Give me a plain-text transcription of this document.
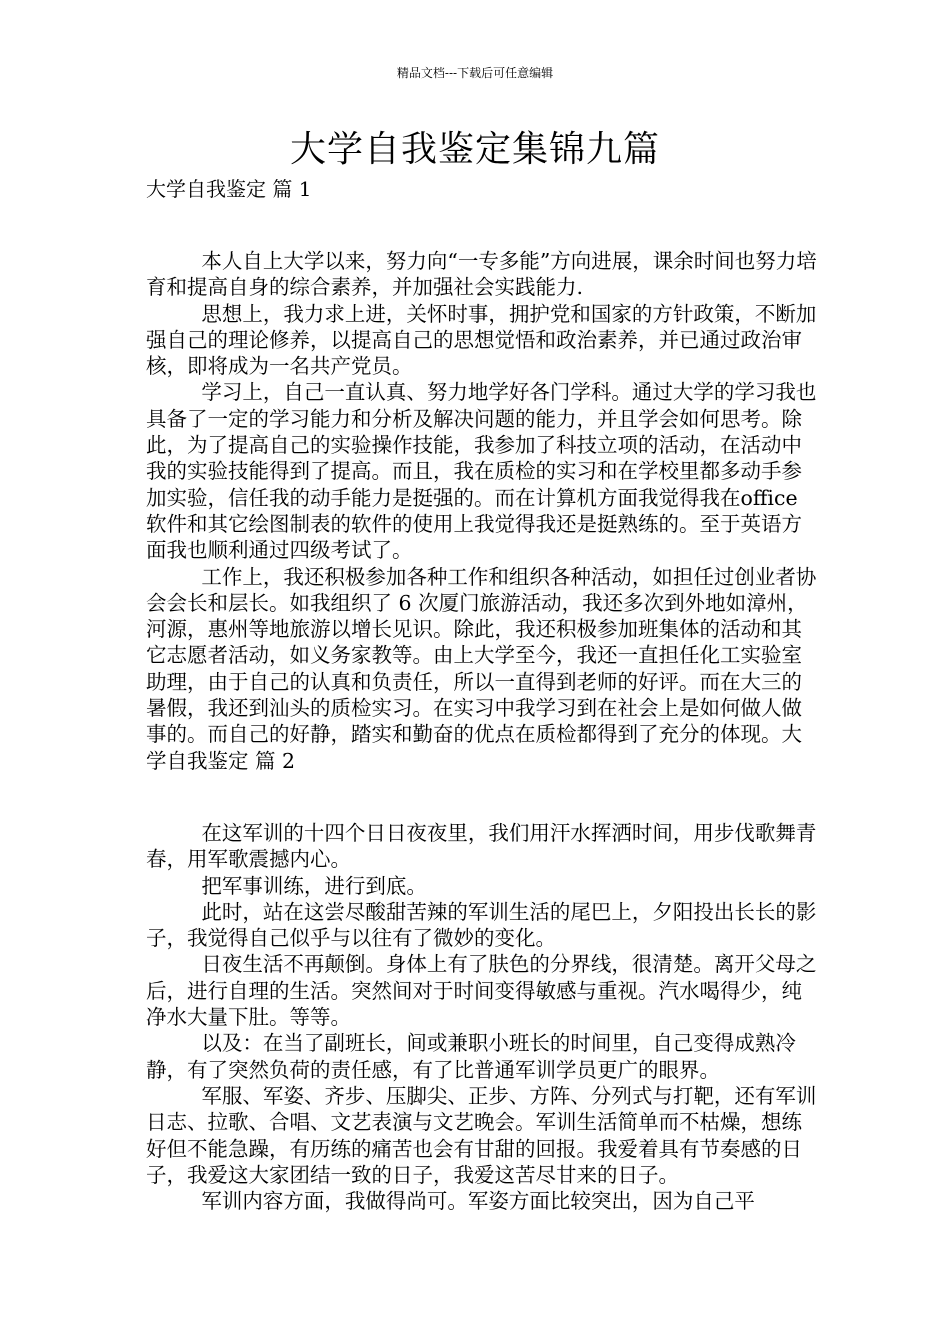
精品文档---下载后可任意编辑
大学自我鉴定集锦九篇
大学自我鉴定 篇 1

本人自上大学以来，努力向“一专多能”方向进展，课余时间也努力培育和提高自身的综合素养，并加强社会实践能力.

思想上，我力求上进，关怀时事，拥护党和国家的方针政策，不断加强自己的理论修养，以提高自己的思想觉悟和政治素养，并已通过政治审核，即将成为一名共产党员。

学习上，自己一直认真、努力地学好各门学科。通过大学的学习我也具备了一定的学习能力和分析及解决问题的能力，并且学会如何思考。除此，为了提高自己的实验操作技能，我参加了科技立项的活动，在活动中我的实验技能得到了提高。而且，我在质检的实习和在学校里都多动手参加实验，信任我的动手能力是挺强的。而在计算机方面我觉得我在office软件和其它绘图制表的软件的使用上我觉得我还是挺熟练的。至于英语方面我也顺利通过四级考试了。

工作上，我还积极参加各种工作和组织各种活动，如担任过创业者协会会长和层长。如我组织了 6 次厦门旅游活动，我还多次到外地如漳州，河源，惠州等地旅游以增长见识。除此，我还积极参加班集体的活动和其它志愿者活动，如义务家教等。由上大学至今，我还一直担任化工实验室助理，由于自己的认真和负责任，所以一直得到老师的好评。而在大三的暑假，我还到汕头的质检实习。在实习中我学习到在社会上是如何做人做事的。而自己的好静，踏实和勤奋的优点在质检都得到了充分的体现。大学自我鉴定 篇 2

在这军训的十四个日日夜夜里，我们用汗水挥洒时间，用步伐歌舞青春，用军歌震撼内心。

把军事训练，进行到底。

此时，站在这尝尽酸甜苦辣的军训生活的尾巴上，夕阳投出长长的影子，我觉得自己似乎与以往有了微妙的变化。

日夜生活不再颠倒。身体上有了肤色的分界线，很清楚。离开父母之后，进行自理的生活。突然间对于时间变得敏感与重视。汽水喝得少，纯净水大量下肚。等等。

以及：在当了副班长，间或兼职小班长的时间里，自己变得成熟冷静，有了突然负荷的责任感，有了比普通军训学员更广的眼界。

军服、军姿、齐步、压脚尖、正步、方阵、分列式与打靶，还有军训日志、拉歌、合唱、文艺表演与文艺晚会。军训生活简单而不枯燥，想练好但不能急躁，有历练的痛苦也会有甘甜的回报。我爱着具有节奏感的日子，我爱这大家团结一致的日子，我爱这苦尽甘来的日子。

军训内容方面，我做得尚可。军姿方面比较突出，因为自己平
